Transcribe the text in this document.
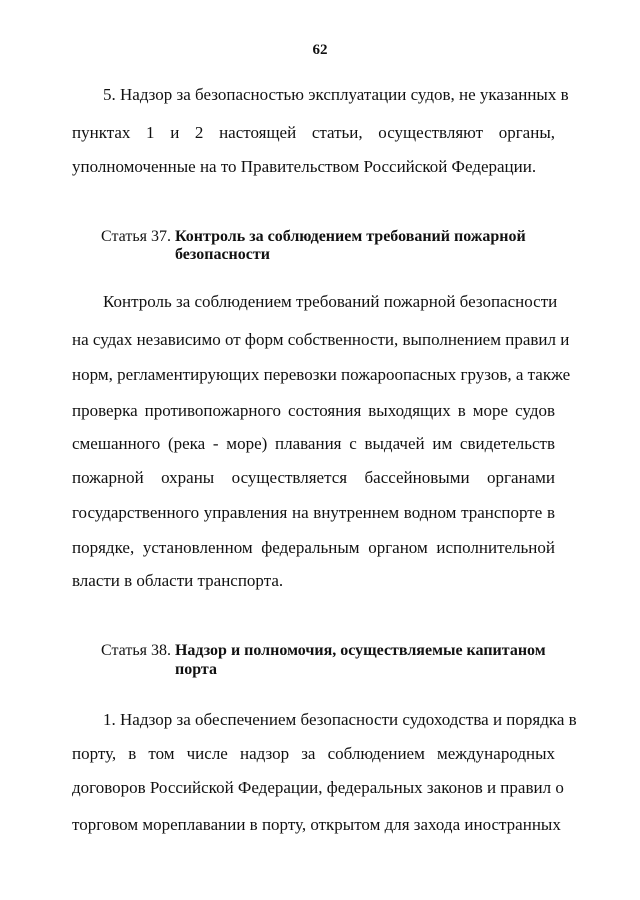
62
5. Надзор за безопасностью эксплуатации судов, не указанных в
пунктах 1 и 2 настоящей статьи, осуществляют органы,
уполномоченные на то Правительством Российской Федерации.
Статья 37. Контроль за соблюдением требований пожарной
безопасности
Контроль за соблюдением требований пожарной безопасности
на судах независимо от форм собственности, выполнением правил и
норм, регламентирующих перевозки пожароопасных грузов, а также
проверка противопожарного состояния выходящих в море судов
смешанного (река - море) плавания с выдачей им свидетельств
пожарной охраны осуществляется бассейновыми органами
государственного управления на внутреннем водном транспорте в
порядке, установленном федеральным органом исполнительной
власти в области транспорта.
Статья 38. Надзор и полномочия, осуществляемые капитаном
порта
1. Надзор за обеспечением безопасности судоходства и порядка в
порту, в том числе надзор за соблюдением международных
договоров Российской Федерации, федеральных законов и правил о
торговом мореплавании в порту, открытом для захода иностранных
